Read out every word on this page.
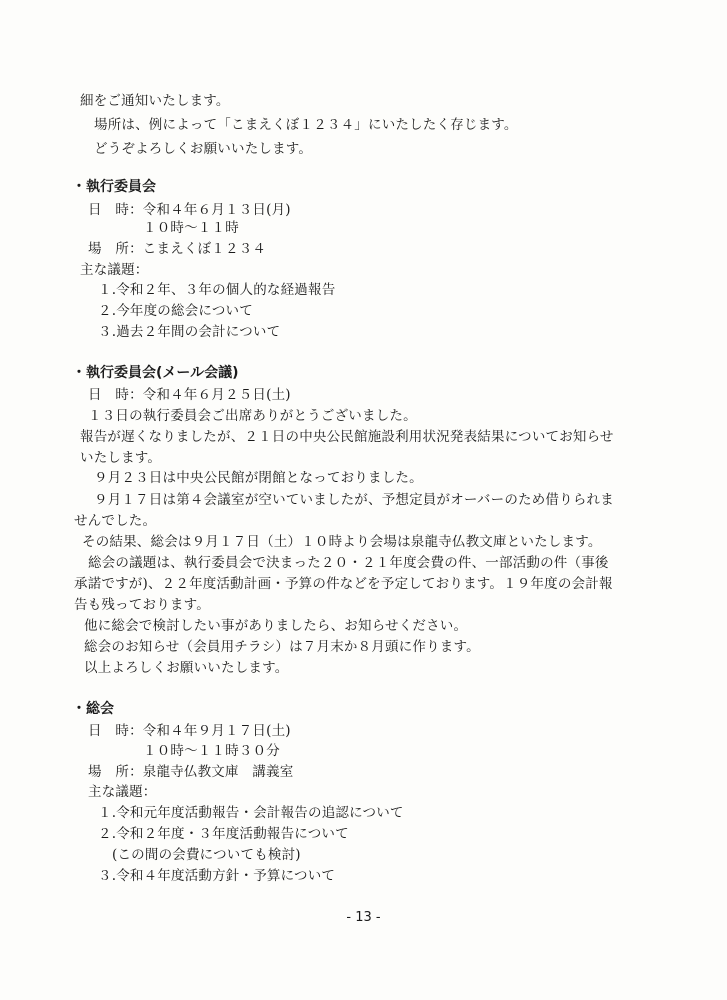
細をご通知いたします。
場所は、例によって「こまえくぼ１２３４」にいたしたく存じます。
どうぞよろしくお願いいたします。
・執行委員会
日　時：令和４年６月１３日(月)
１０時～１１時
場　所：こまえくぼ１２３４
主な議題：
１.令和２年、３年の個人的な経過報告
２.今年度の総会について
３.過去２年間の会計について
・執行委員会(メール会議)
日　時：令和４年６月２５日(土)
１３日の執行委員会ご出席ありがとうございました。
報告が遅くなりましたが、２１日の中央公民館施設利用状況発表結果についてお知らせ
いたします。
９月２３日は中央公民館が閉館となっておりました。
９月１７日は第４会議室が空いていましたが、予想定員がオーバーのため借りられま
せんでした。
その結果、総会は９月１７日（土）１０時より会場は泉龍寺仏教文庫といたします。
総会の議題は、執行委員会で決まった２０・２１年度会費の件、一部活動の件（事後
承諾ですが)、２２年度活動計画・予算の件などを予定しております。１９年度の会計報
告も残っております。
他に総会で検討したい事がありましたら、お知らせください。
総会のお知らせ（会員用チラシ）は７月末か８月頭に作ります。
以上よろしくお願いいたします。
・総会
日　時：令和４年９月１７日(土)
１０時～１１時３０分
場　所：泉龍寺仏教文庫　講義室
主な議題：
１.令和元年度活動報告・会計報告の追認について
２.令和２年度・３年度活動報告について
(この間の会費についても検討)
３.令和４年度活動方針・予算について
- 13 -
